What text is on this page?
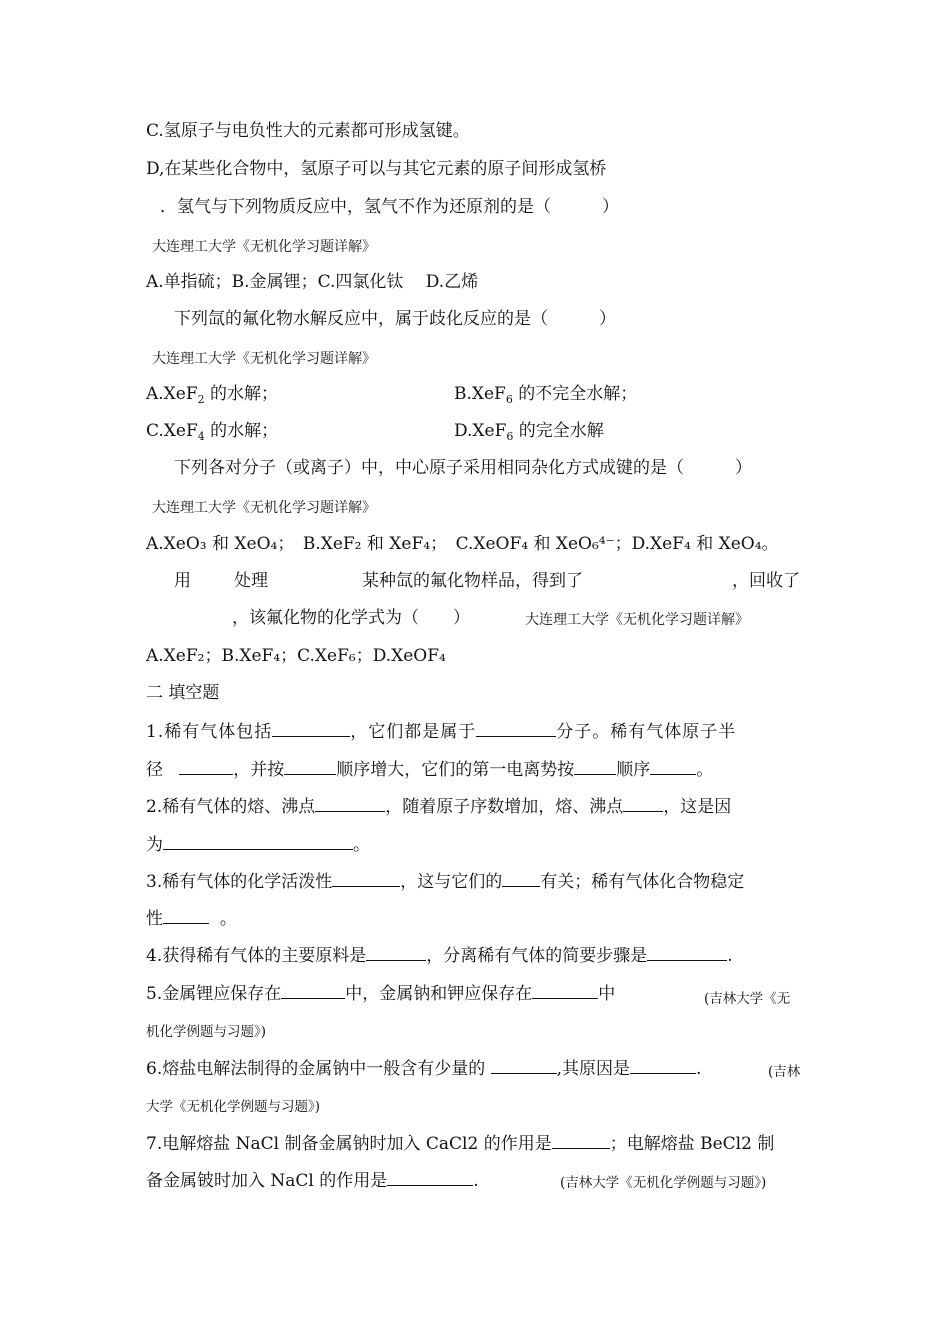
C.氢原子与电负性大的元素都可形成氢键。
D,在某些化合物中，氢原子可以与其它元素的原子间形成氢桥
．氢气与下列物质反应中，氢气不作为还原剂的是（　　　）
大连理工大学《无机化学习题详解》
A.单指硫；B.金属锂；C.四氯化钛　 D.乙烯
下列氙的氟化物水解反应中，属于歧化反应的是（　　　）
大连理工大学《无机化学习题详解》
A.XeF$_2$ 的水解；	B.XeF$_6$ 的不完全水解；
C.XeF$_4$ 的水解；	D.XeF$_6$ 的完全水解
下列各对分子（或离子）中，中心原子采用相同杂化方式成键的是（　　　）
大连理工大学《无机化学习题详解》
A.XeO₃ 和 XeO₄；　B.XeF₂ 和 XeF₄；　C.XeOF₄ 和 XeO₆⁴⁻；D.XeF₄ 和 XeO₄。
用	处理	某种氙的氟化物样品，得到了	，回收了
，该氟化物的化学式为（　　）	大连理工大学《无机化学习题详解》
A.XeF₂；B.XeF₄；C.XeF₆；D.XeOF₄
二 填空题
1.稀有气体包括	，它们都是属于	分子。稀有气体原子半
径	，并按	顺序增大，它们的第一电离势按 顺序	。
2.稀有气体的熔、沸点	，随着原子序数增加，熔、沸点 ，这是因
为	。
3.稀有气体的化学活泼性	，这与它们的 有关；稀有气体化合物稳定
性	。
4.获得稀有气体的主要原料是	，分离稀有气体的简要步骤是	.
5.金属锂应保存在	中，金属钠和钾应保存在	中	(吉林大学《无
机化学例题与习题》)
6.熔盐电解法制得的金属钠中一般含有少量的	,其原因是	.	(吉林
大学《无机化学例题与习题》)
7.电解熔盐 NaCl 制备金属钠时加入 CaCl2 的作用是	；电解熔盐 BeCl2 制
备金属铍时加入 NaCl 的作用是	.	(吉林大学《无机化学例题与习题》)
